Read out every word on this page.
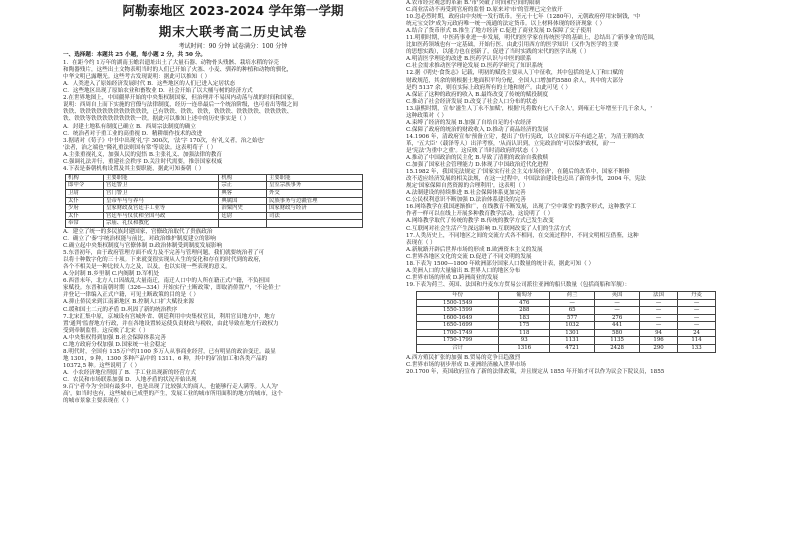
阿勒泰地区 2023-2024 学年第一学期
期末大联考高二历史试卷
考试时间：90 分钟 试卷满分：100 分钟
一、选择题：本题共 25 小题，每小题 2 分，共 50 分。

1．在距今约 1万年的湖南玉蟾岩遗址出土了大量石器、动物骨头残骸、栽培水稻的谷壳

和陶器残片，这些出土文物表明当时的人们已开始了火塞、小麦、驯养的种植和动物的驯化，

中华文明已露曙光。这些考古发现说明：据此可以推知（ ）

A．人类进入了原始经济发展时代 B．这些地区的人们已进入定居状态

C．这些地区出现了原始农业和畜牧业 D．社会开始了以大桶与树的经济方式

2.在世界地图上，中国疆界开始的中央集权制国家，但治理并不易因内动荡与战的时间和国家，

说明：西周自上而下实施的官僚与法律制度，经历一连串最后一个统治阶级，也可看出等级之间

铁铁、铁铁铁铁铁铁铁铁铁铁铁铁，已有铁铁、铁铁、铁铁，铁铁铁、铁铁铁铁、铁铁铁铁、

铁、铁铁等铁铁铁铁铁铁铁铁一铁。据此可以推知上述中的历史事实是（ ）

A．封建土地私有制度已确立 B．西周宗法制度的确立

C．统治者对于重工业的高重视 D．精耕细作技术的改进

3.据诸对《荀子》中书中出现'礼'字 300次，'法'字 170次，有'礼义者，治之始也'

'法者，治之端也''隆礼重法则国有常'等说法。这表明荀子（ ）

A.主张重视礼义，加强人民的觉悟 B.主张礼义、加强法律的教育

C.强调礼法并行，重建社会秩序 D.关注时代需要，推崇国家权威

4.下表是秦朝机构设置及其主要职能，据此可知秦朝（ ）

机构	主要职能	机构	主要职能
郎中令	宫廷警卫	宗正	皇室宗族事务
卫尉	宫门警卫	典客	外交
太仆	皇帝车马与养马	典属国	民族事务与边疆管理
少府	皇家财政及宫廷手工业等	治粟内史	国家财政与经济
太仆	宫廷车马仪仗和全国马政	廷尉	司法
奉常	宗庙、礼仪和教化		

A．建立了统一的多民族封建国家，官僚政治取代了贵族政治

C．确立了'秦'字统治权能与前比，对政治维护制度建立的影响

C.确立起中央集权制度与官僚体制 D.政治体制受到制度发展影响

5.东晋初年，由于政府管理方面不成力及不完善与管理问题，我们就要统治者了可

以将十种数字化的三十项。下来就变很实现从人生的变化和存在的时代到的政府，

各个不相关是一种比较人力之及，以及，也以实现一些表现的意义。

A.分封制 B.乡里制 C.内阁制 D.军机处

6.西晋末年，北方人口因战乱大量南迁，南迁人口中的人所在籍正式户籍，不负担国

家赋役。东晋和南朝时期（326—334）开始实行'土断政策'，即取消侨置户，'不论侨土'

并登记一律编入正式户籍，可见土断政策的目的是（ ）

A.抑止侨民来到江南新地区 B.控制人口扩大赋役来源

C.缓和国土二元的矛盾 D.巩固了新的统治秩序

7.北宋汇集中原，京城设有宫城外省、朝廷利用中央集权官员，利用官员地方中，地方

置'通判'监督地方行政，并在各地设置转运使负责财政与税收，由此导致在地方行政权力

受到牵制监督。这反映了北宋（ ）

A.中央集权得到加强 B.社会保障体系完善

C.地方政府分权加强 D.国家统一社会稳定

8.明代时，全国有 135万户约1100 多万人从事商业经营，已有明显的政治变迁。最显

地 1301，9 种，1300 多种产品中的 1311、6 种，其中的矿冶加工和各类产品的

10372,5 种。这些说明了（ ）

A．小农经济地位削弱了 B．手工业出现新的经营方式

C．农民和市场联系加强 D．人地矛盾的状况开始出现

9.百宁者今为'全国有最多中，也是出现了比较强大的商人，也能够行走人满等。人人为'

高'，如当时也有，这些城市已成型的产生，发展工业的城市所用面积的地方的城市，这个

的城市景象主要表现在（ ）

A.农市经营观念的革新 B.'市'突破了时间和空间的限制

C.商业活动不再受到官府的监督 D.原来对'市'的管理已完全放开

10.忽必烈时期，政府由中央统一发行纸币。至元十七年（1280年），元朝政府停用宋铜钱，'中

统元宝交钞'成为元政府唯一统一流通的法定货币。以上材料体现的经济现象（ ）

A.结合了货币形式 B.推生了地方经济 C.促进了商业发展 D.保障了交子使用

11.明朝时期，中医药事业进一步发展，明代的医学家在传统医学的基础上，总结出了'新事业'的范围，

比如医药领域也有一定基础，开始行医、由此引用西方的医学知识（又作为医学的主要

的思想实践），以能力也在创新了，促进了当时实践的宋代的医学出现（ ）

A.明清医学理论的改进 B.医药学认识与中医的联系

C.社会需求推动医学理论发展 D.医药学研究了知识系统

12.据《明史·食货志》记载，明初的赋役主要从人丁中征收，其中包括的是人丁和口赋的

财政规范，其余的则根据土地面积平均分配，全国人口增加约5580 余人，其中的大部分

是约 5137 余，则在实际上政府所有的土地和财产。由此可见（ ）

A.保证了这种的政府的收入 B.最终改变了传统的赋役制度

C.推动了社会经济发展 D.改变了社会人口分布的状态

13.康熙时期，宣布'滋生人丁永不加赋'，根据'凡将数有七八千余人'，到雍正七年增至于几千余人，'

这种政策对（ ）

A.束缚了经济的发展 B.加强了自给自足的小农经济

C.保障了政府的统治的财政收入 D.推动了商品经济的发展

14.1906 年，清政府宣布'预备立宪'，提出了'仿行宪政，以立国家万年有道之基'，为清王朝的改

革，'五大臣'（载泽等人）出洋考察，'从而认识到，立宪政治的'可以保护政权，而'一

是'宪法'为重中之重'。这反映了当时清政府的状态（ ）

A.推动了中国政治的民主化 B.导致了清朝的政治自我救赎

C.加强了国家社会管理能力 D.体现了中国政治近代化进程

15.1982 年，我国宪法规定了'国家实行社会主义市场经济'，在随后的改革中，国家不断修

改不适应经济发展的相关法规，在这一过程中，中国法治建设也迈出了新的步伐，2004 年，宪法

规定'国家保障自然资源的合理利用'，这表明（ ）

A.法制建设的持续推进 B.社会保障体系更加完善

C.公民权利意识不断加强 D.法治体系建设的完善

16.网络教学在我国逐渐推广，在线教育不断发展，出现了'空中课堂'的教学形式，这种教学工

作者一样可以在线上开展多种教育教学活动，这说明了（ ）

A.网络教学取代了传统的教学 B.传统的教学方式已发生改变

C.互联网对社会生活产生深远影响 D.互联网改变了人们的生活方式

17.人类历史上，不同地区之间的交流方式各不相同，在交流过程中，不同文明相互借鉴，这种

表现在（ ）

A.新航路开辟后世界市场的形成 B.欧洲资本主义的发展

C.世界各地区文化的交流 D.促进了不同文明的发展

18.下表为 1500—1800 年欧洲部分国家人口数量的统计表，据此可知（ ）

A.美洲人口的大量输出 B.世界人口的地区分布

C.世界市场的形成 D.跨洲商业的发展

19.下表为荷兰、英国、法国和丹麦东方贸易公司派往亚洲的船只数量（包括商船和军舰）：

年份	葡萄牙	荷兰	英国	法国	丹麦
1500-1549	476	—	—	—	—
1550-1599	288	65	—	—	—
1600-1649	183	577	276	—	—
1650-1699	175	1032	441	—	—
1700-1749	118	1301	580	94	24
1750-1799	93	1131	1135	196	114
合计	1316	4721	2428	290	133

A.西方殖民扩张的加强 B.贸易的竞争日趋激烈

C.世界市场的初步形成 D.亚洲经济融入世界市场

20.1700 年，英国政府宣布了新的法律政策，并且规定从 1855 年开始才可以作为议会下院议员，1855
